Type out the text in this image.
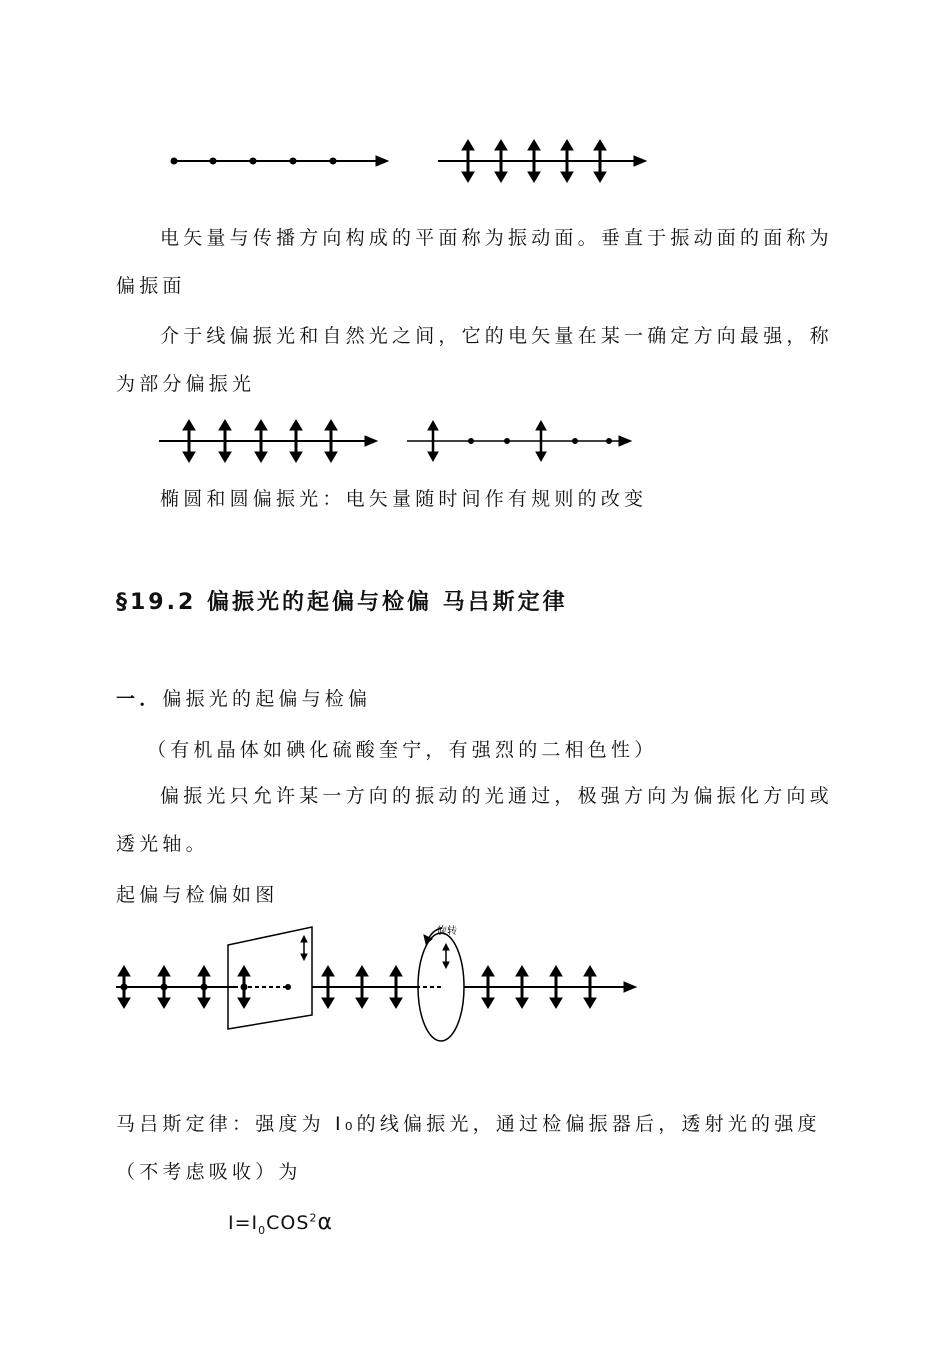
电矢量与传播方向构成的平面称为振动面。垂直于振动面的面称为偏振面

介于线偏振光和自然光之间，它的电矢量在某一确定方向最强，称为部分偏振光

椭圆和圆偏振光：电矢量随时间作有规则的改变

§19.2 偏振光的起偏与检偏 马吕斯定律

一．偏振光的起偏与检偏

（有机晶体如碘化硫酸奎宁，有强烈的二相色性）

偏振光只允许某一方向的振动的光通过，极强方向为偏振化方向或透光轴。

起偏与检偏如图

旋转

马吕斯定律：强度为 I₀的线偏振光，通过检偏振器后，透射光的强度（不考虑吸收）为

$I=I_0COS^2\alpha$
